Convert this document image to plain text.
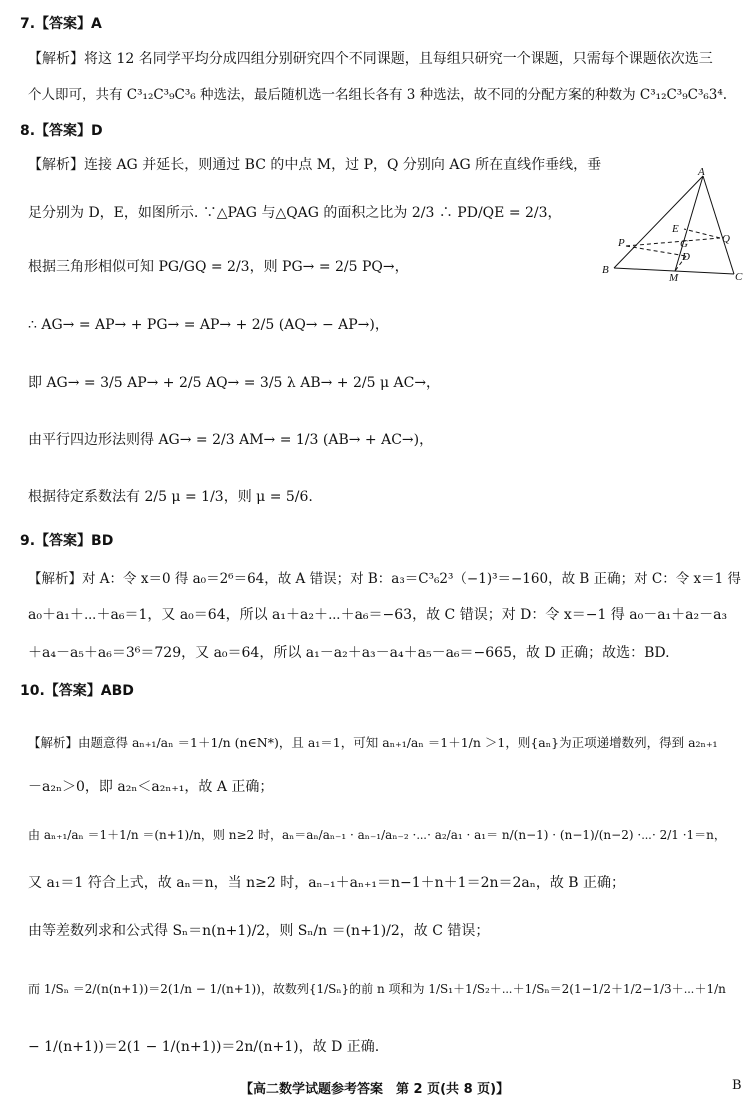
7.【答案】A
【解析】将这 12 名同学平均分成四组分别研究四个不同课题，且每组只研究一个课题，只需每个课题依次选三
个人即可，共有 C³₁₂C³₉C³₆ 种选法，最后随机选一名组长各有 3 种选法，故不同的分配方案的种数为 C³₁₂C³₉C³₆3⁴.
8.【答案】D
【解析】连接 AG 并延长，则通过 BC 的中点 M，过 P，Q 分别向 AG 所在直线作垂线，垂
足分别为 D，E，如图所示. ∵△PAG 与△QAG 的面积之比为 2/3 ∴ PD/QE = 2/3，
根据三角形相似可知 PG/GQ = 2/3，则 PG→ = 2/5 PQ→，
∴ AG→ = AP→ + PG→ = AP→ + 2/5 (AQ→ − AP→)，
即 AG→ = 3/5 AP→ + 2/5 AQ→ = 3/5 λ AB→ + 2/5 μ AC→，
由平行四边形法则得 AG→ = 2/3 AM→ = 1/3 (AB→ + AC→)，
根据待定系数法有 2/5 μ = 1/3，则 μ = 5/6.
A
E
G
D
P	Q
B
M	C
9.【答案】BD
【解析】对 A：令 x＝0 得 a₀＝2⁶＝64，故 A 错误；对 B：a₃＝C³₆2³（−1)³＝−160，故 B 正确；对 C：令 x＝1 得
a₀＋a₁＋⋯＋a₆＝1，又 a₀＝64，所以 a₁＋a₂＋⋯＋a₆＝−63，故 C 错误；对 D：令 x＝−1 得 a₀－a₁＋a₂－a₃
＋a₄－a₅＋a₆＝3⁶＝729，又 a₀＝64，所以 a₁－a₂＋a₃－a₄＋a₅－a₆＝−665，故 D 正确；故选：BD.
10.【答案】ABD
【解析】由题意得 aₙ₊₁/aₙ ＝1＋1/n (n∈N*)，且 a₁＝1，可知 aₙ₊₁/aₙ ＝1＋1/n ＞1，则{aₙ}为正项递增数列，得到 a₂ₙ₊₁
－a₂ₙ＞0，即 a₂ₙ＜a₂ₙ₊₁，故 A 正确；
由 aₙ₊₁/aₙ ＝1＋1/n ＝(n+1)/n，则 n≥2 时，aₙ＝aₙ/aₙ₋₁ · aₙ₋₁/aₙ₋₂ ·⋯· a₂/a₁ · a₁＝ n/(n−1) · (n−1)/(n−2) ·⋯· 2/1 ·1＝n，
又 a₁＝1 符合上式，故 aₙ＝n，当 n≥2 时，aₙ₋₁＋aₙ₊₁＝n−1＋n＋1＝2n＝2aₙ，故 B 正确；
由等差数列求和公式得 Sₙ＝n(n+1)/2，则 Sₙ/n ＝(n+1)/2，故 C 错误；
而 1/Sₙ ＝2/(n(n+1))＝2(1/n − 1/(n+1))，故数列{1/Sₙ}的前 n 项和为 1/S₁＋1/S₂＋⋯＋1/Sₙ＝2(1−1/2＋1/2−1/3＋⋯＋1/n
− 1/(n+1))＝2(1 − 1/(n+1))＝2n/(n+1)，故 D 正确.
【高二数学试题参考答案　第 2 页(共 8 页)】	B
